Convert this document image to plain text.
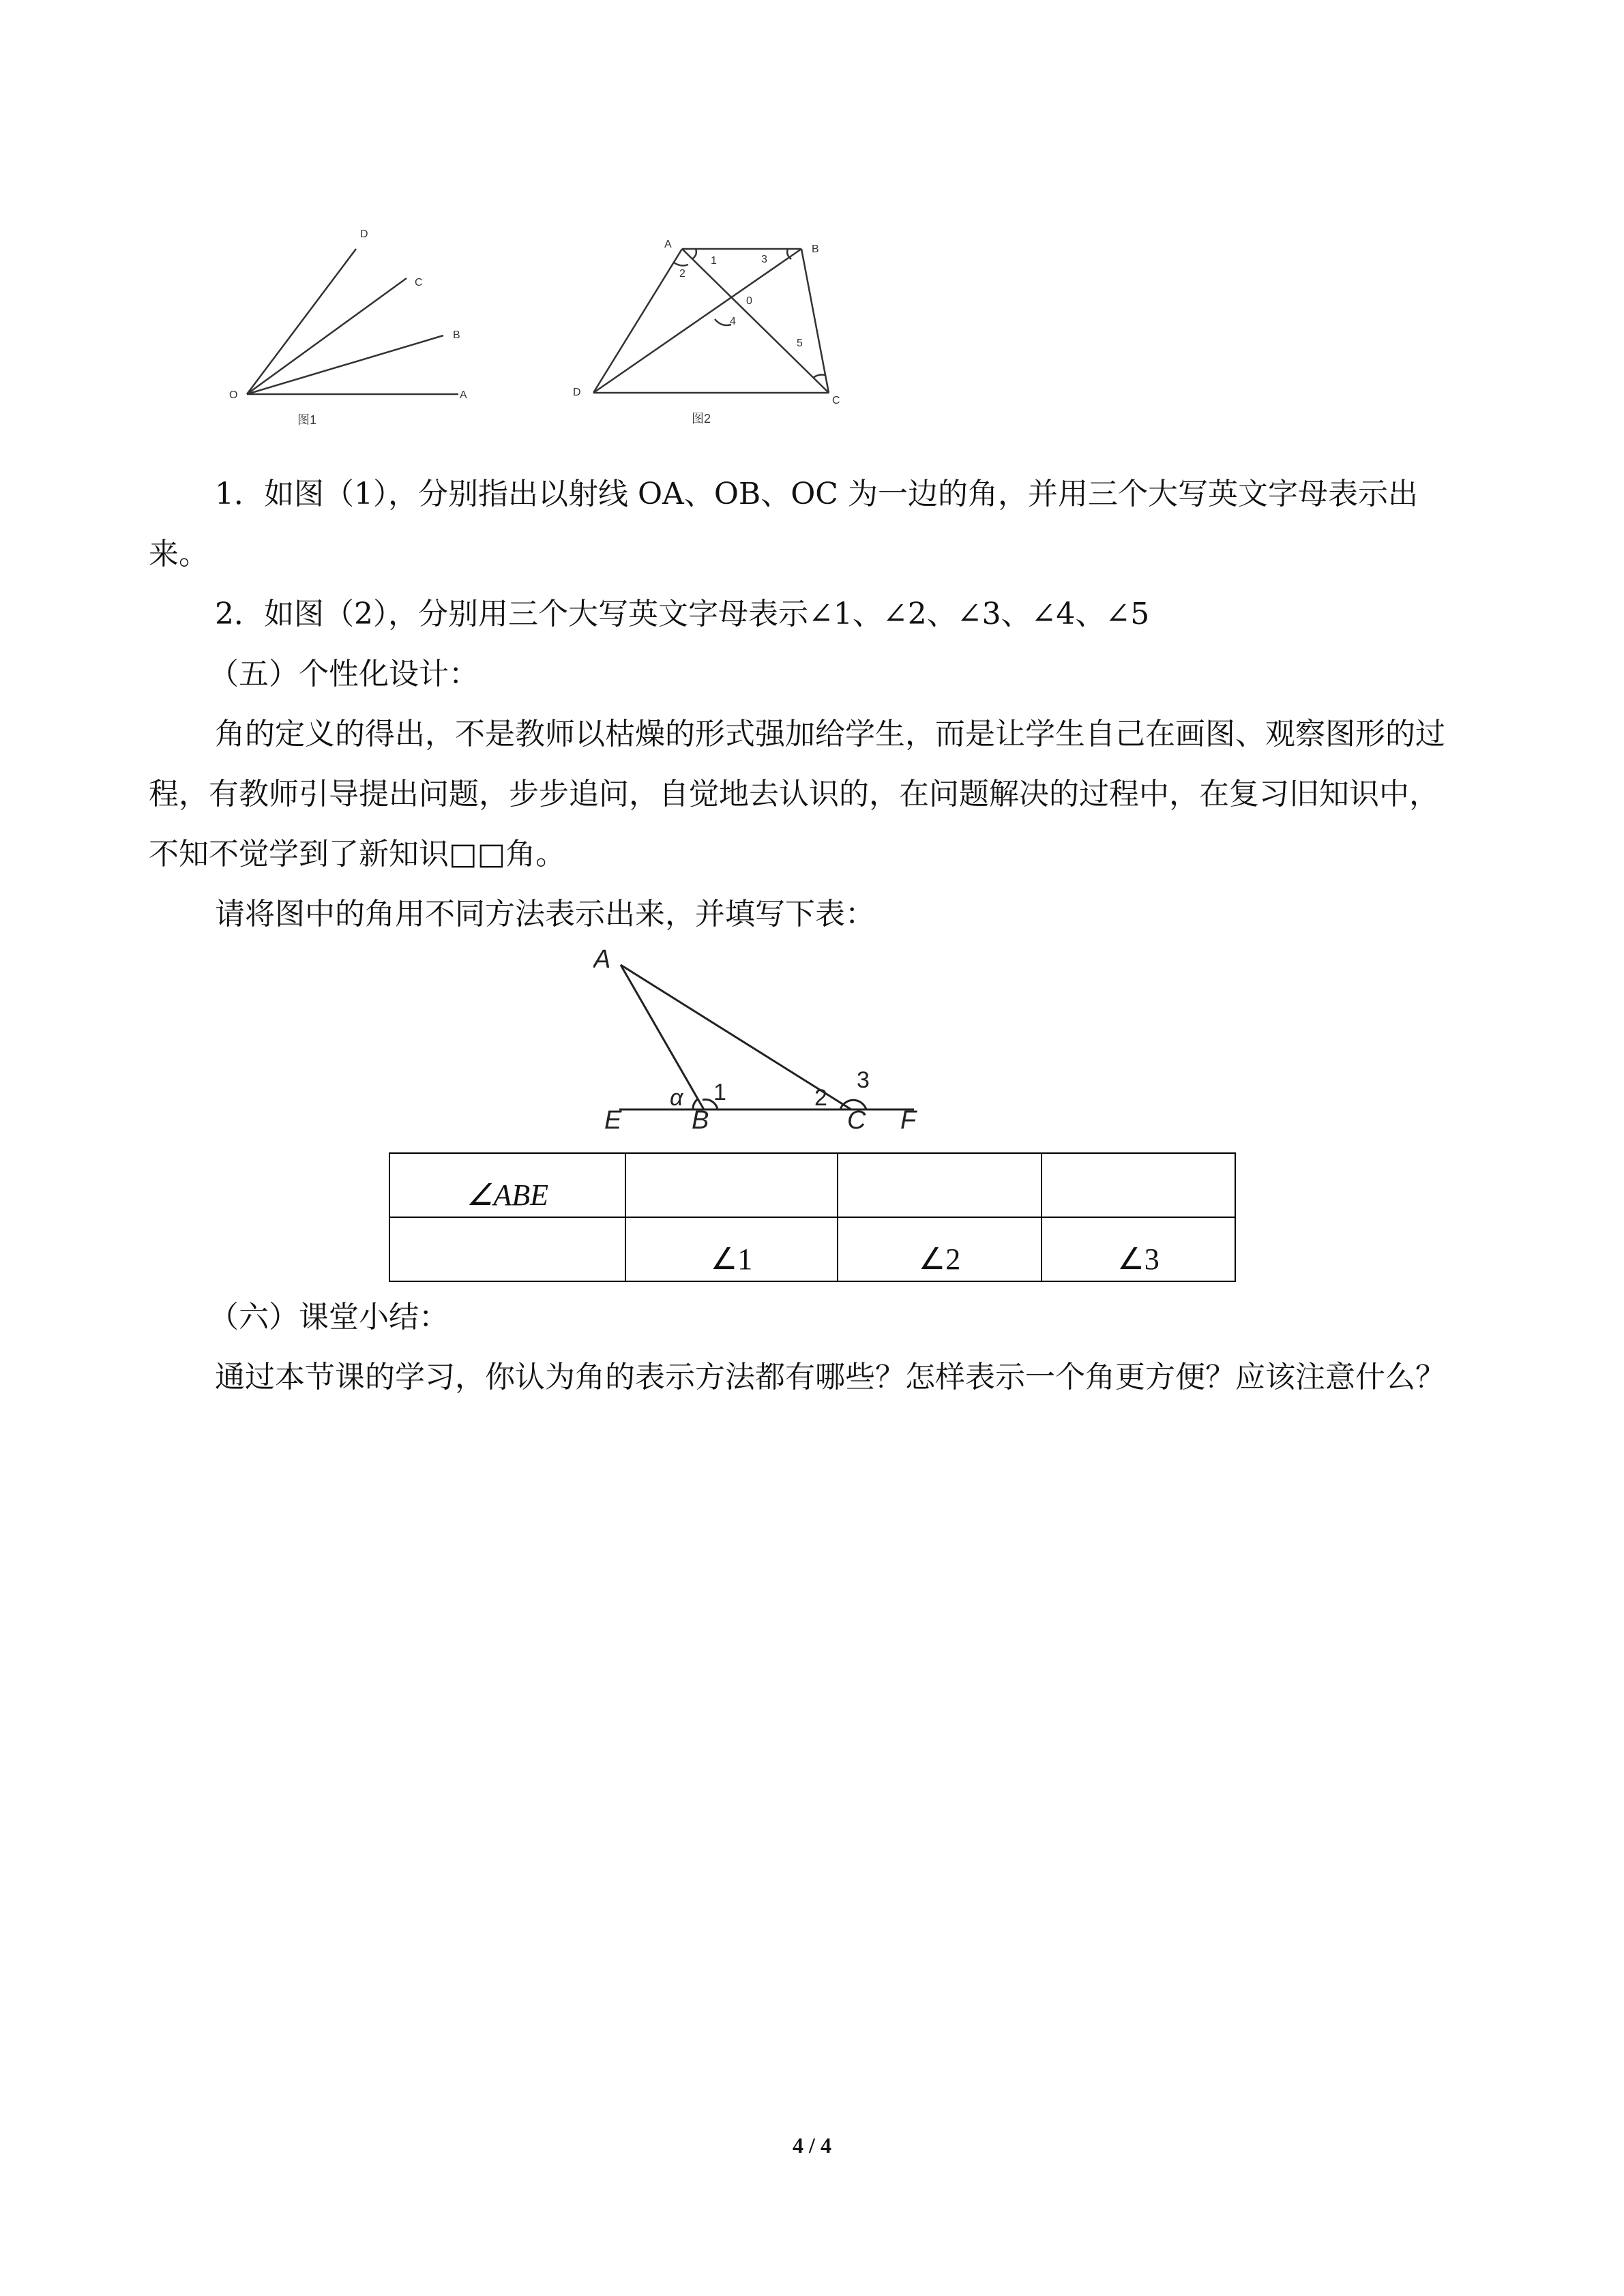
O	A
B
C
D
图1
A	B
C
D
0
1
2
3
4
5
图2

1．如图（1），分别指出以射线 OA、OB、OC 为一边的角，并用三个大写英文字母表示出来。

2．如图（2），分别用三个大写英文字母表示∠1、∠2、∠3、∠4、∠5

（五）个性化设计：

角的定义的得出，不是教师以枯燥的形式强加给学生，而是让学生自己在画图、观察图形的过程，有教师引导提出问题，步步追问，自觉地去认识的，在问题解决的过程中，在复习旧知识中，不知不觉学到了新知识□□角。

请将图中的角用不同方法表示出来，并填写下表：

A
E	B	C F
α 1	2
3
∠ABE			
	∠1	∠2	∠3

（六）课堂小结：

通过本节课的学习，你认为角的表示方法都有哪些？怎样表示一个角更方便？应该注意什么？

4 / 4
